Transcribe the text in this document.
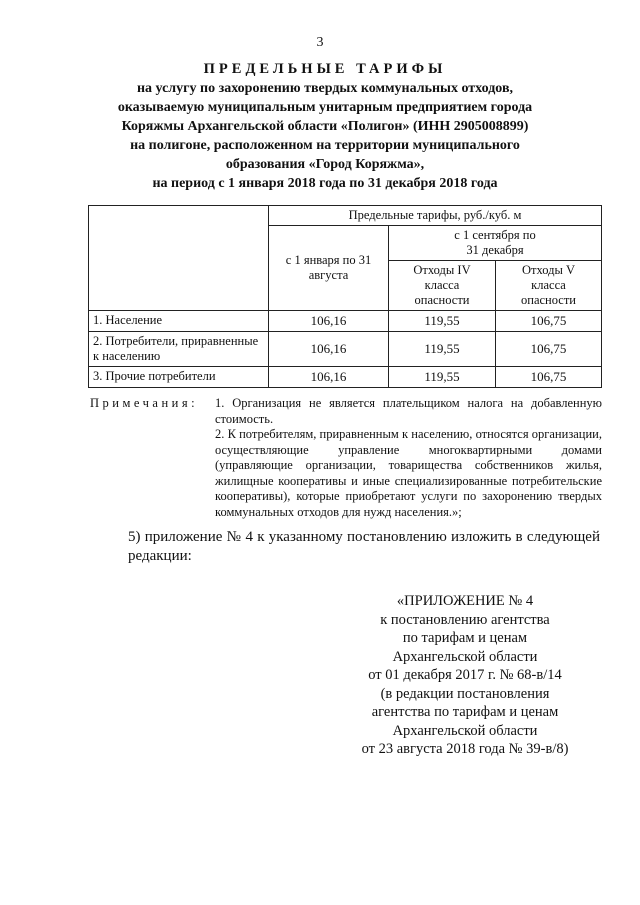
3
ПРЕДЕЛЬНЫЕ ТАРИФЫ
на услугу по захоронению твердых коммунальных отходов,
оказываемую муниципальным унитарным предприятием города
Коряжмы Архангельской области «Полигон» (ИНН 2905008899)
на полигоне, расположенном на территории муниципального
образования «Город Коряжма»,
на период с 1 января 2018 года по 31 декабря 2018 года
	Предельные тарифы, руб./куб. м		
	с 1 января по 31 августа	с 1 сентября по 31 декабря	
		Отходы IV класса опасности	Отходы V класса опасности
1. Население	106,16	119,55	106,75
2. Потребители, приравненные к населению	106,16	119,55	106,75
3. Прочие потребители	106,16	119,55	106,75
Примечания: 1. Организация не является плательщиком налога на добавленную стоимость.

2. К потребителям, приравненным к населению, относятся организации, осуществляющие управление многоквартирными домами (управляющие организации, товарищества собственников жилья, жилищные кооперативы и иные специализированные потребительские кооперативы), которые приобретают услуги по захоронению твердых коммунальных отходов для нужд населения.»;

5) приложение № 4 к указанному постановлению изложить в следующей редакции:
«ПРИЛОЖЕНИЕ № 4
к постановлению агентства
по тарифам и ценам
Архангельской области
от 01 декабря 2017 г. № 68-в/14
(в редакции постановления
агентства по тарифам и ценам
Архангельской области
от 23 августа 2018 года № 39-в/8)
